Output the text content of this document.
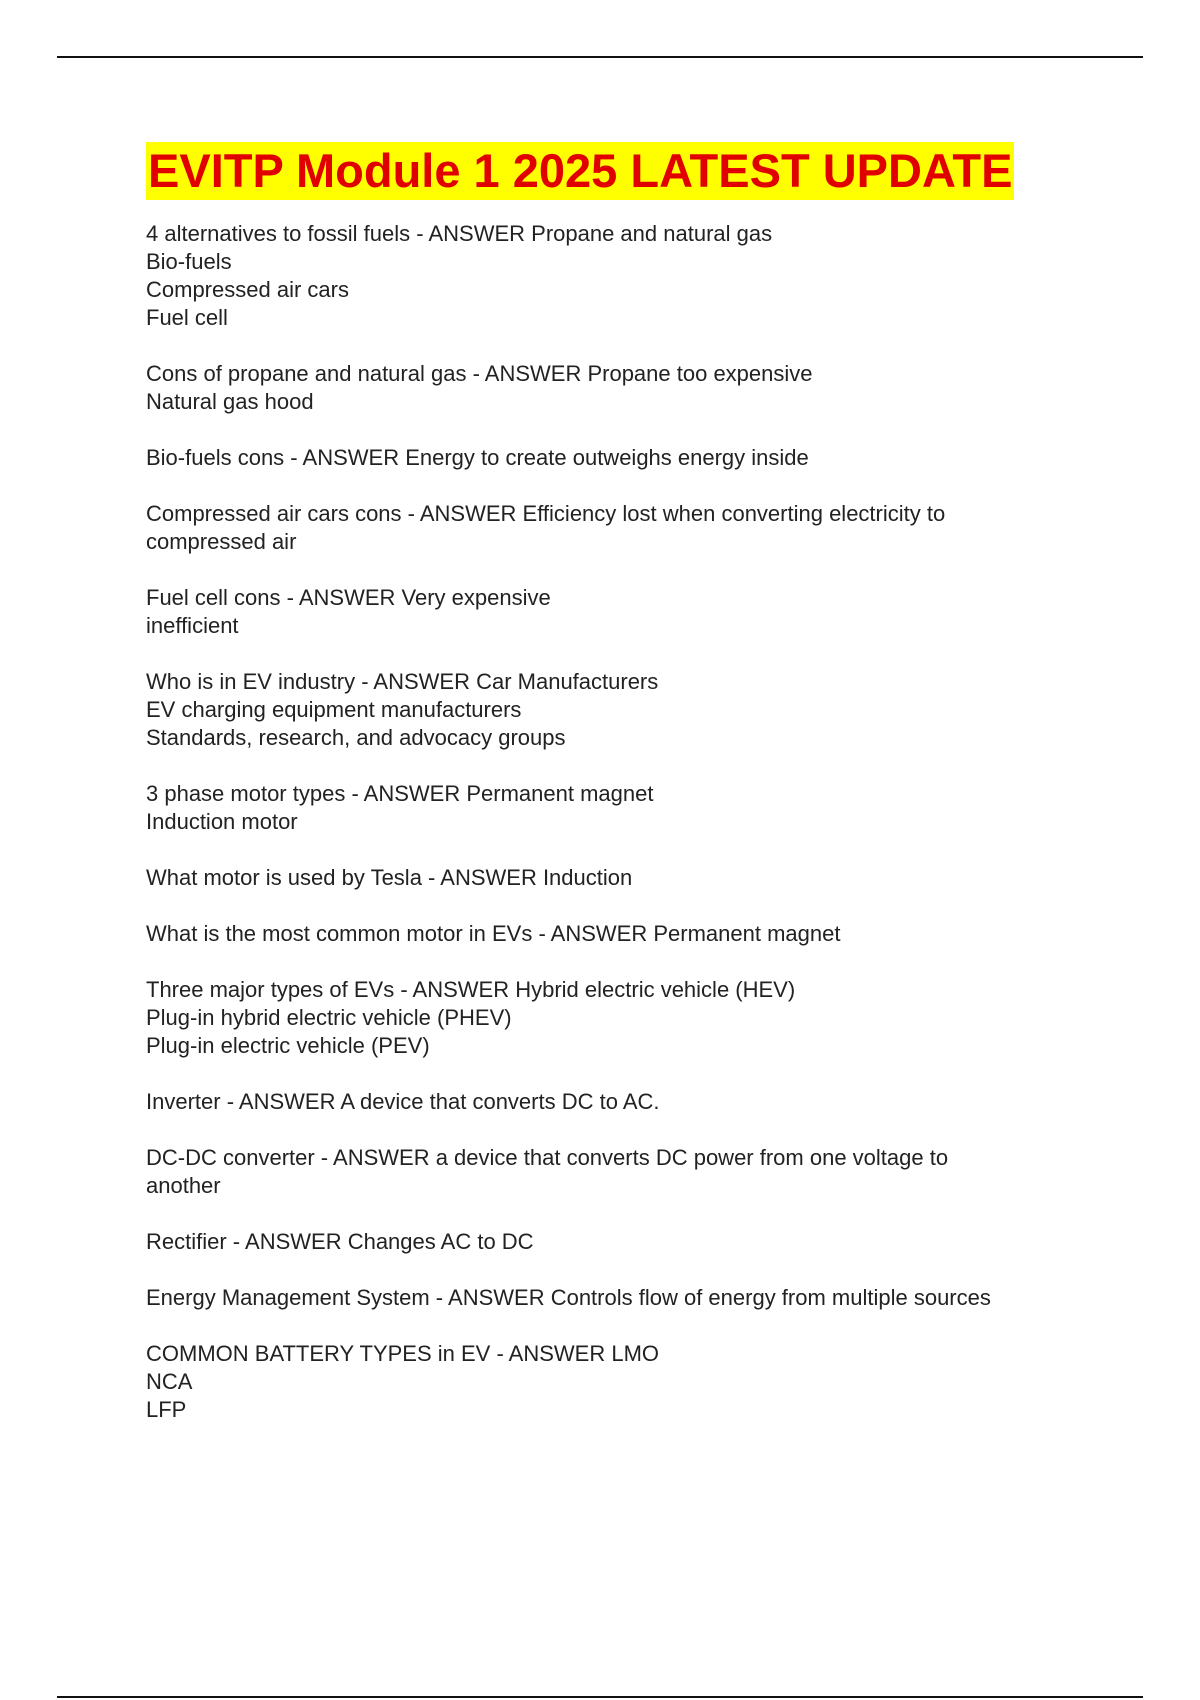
EVITP Module 1 2025 LATEST UPDATE
4 alternatives to fossil fuels - ANSWER Propane and natural gas
Bio-fuels
Compressed air cars
Fuel cell
Cons of propane and natural gas - ANSWER Propane too expensive
Natural gas hood
Bio-fuels cons - ANSWER Energy to create outweighs energy inside
Compressed air cars cons - ANSWER Efficiency lost when converting electricity to
compressed air
Fuel cell cons - ANSWER Very expensive
inefficient
Who is in EV industry - ANSWER Car Manufacturers
EV charging equipment manufacturers
Standards, research, and advocacy groups
3 phase motor types - ANSWER Permanent magnet
Induction motor
What motor is used by Tesla - ANSWER Induction
What is the most common motor in EVs - ANSWER Permanent magnet
Three major types of EVs - ANSWER Hybrid electric vehicle (HEV)
Plug-in hybrid electric vehicle (PHEV)
Plug-in electric vehicle (PEV)
Inverter - ANSWER A device that converts DC to AC.
DC-DC converter - ANSWER a device that converts DC power from one voltage to
another
Rectifier - ANSWER Changes AC to DC
Energy Management System - ANSWER Controls flow of energy from multiple sources
COMMON BATTERY TYPES in EV - ANSWER LMO
NCA
LFP
